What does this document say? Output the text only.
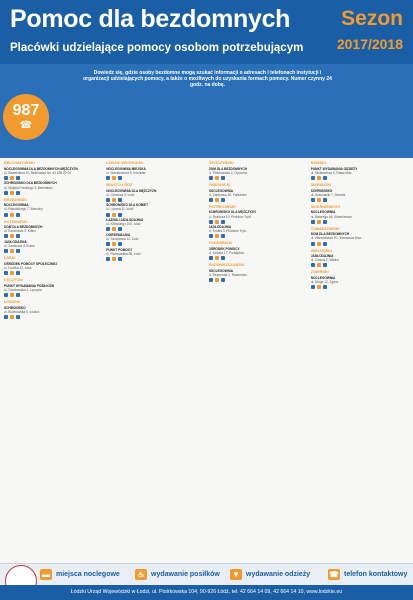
Pomoc dla bezdomnych
Placówki udzielające pomocy osobom potrzebującym
Sezon
2017/2018
987
☎
Dowiedz się, gdzie osoby bezdomne mogą szukać informacji o adresach i telefonach instytucji i organizacji udzielających pomocy, a także o możliwych do uzyskania formach pomocy. Numer czynny 24 godz. na dobę.
BEŁCHATOWSKI
NOCLEGOWNIA DLA BEZDOMNYCH MĘŻCZYZN
ul. Bawełniana 10, Bełchatów, tel. 44 635 00 00
SCHRONISKO DLA BEZDOMNYCH
ul. Wojska Polskiego 3, Bełchatów
BRZEZIŃSKI
NOCLEGOWNIA
ul. Piłsudskiego 7, Brzeziny
KUTNOWSKI
DOM DLA BEZDOMNYCH
ul. Kościuszki 2, Kutno
JADŁODAJNIA
ul. Zamkowa 4, Kutno
ŁASKI
OŚRODEK POMOCY SPOŁECZNEJ
ul. Łódzka 12, Łask
ŁĘCZYCKI
PUNKT WYDAWANIA POSIŁKÓW
ul. Ozorkowska 1, Łęczyca
ŁOWICKI
SCHRONISKO
ul. Bolimowska 5, Łowicz
ŁÓDZKI WSCHODNI
NOCLEGOWNIA MIEJSKA
ul. Sienkiewicza 9, Koluszki
MIASTO ŁÓDŹ
NOCLEGOWNIA DLA MĘŻCZYZN
ul. Górnicza 3, Łódź
SCHRONISKO DLA KOBIET
ul. Lipowa 11, Łódź
ŁAŹNIA I JADŁODAJNIA
ul. Kilińskiego 100, Łódź
OGRZEWALNIA
ul. Szczytowa 11, Łódź
PUNKT POMOCY
ul. Piotrkowska 80, Łódź
OPOCZYŃSKI
DOM DLA BEZDOMNYCH
ul. Piotrkowska 2, Opoczno
PABIANICKI
NOCLEGOWNIA
ul. Zamkowa 16, Pabianice
PIOTRKOWSKI
SCHRONISKO DLA MĘŻCZYZN
ul. Rolnicza 10, Piotrków Tryb.
JADŁODAJNIA
ul. Krótka 3, Piotrków Tryb.
PODDĘBICKI
OŚRODEK POMOCY
ul. Łódzka 17, Poddębice
RADOMSZCZAŃSKI
NOCLEGOWNIA
ul. Reymonta 1, Radomsko
RAWSKI
PUNKT WYDAWANIA ODZIEŻY
ul. Mickiewicza 4, Rawa Maz.
SIERADZKI
SCHRONISKO
ul. Kościuszki 7, Sieradz
SKIERNIEWICKI
NOCLEGOWNIA
ul. Batorego 64, Skierniewice
TOMASZOWSKI
DOM DLA BEZDOMNYCH
ul. Warszawska 20, Tomaszów Maz.
WIELUŃSKI
JADŁODAJNIA
ul. Ciasna 2, Wieluń
ZGIERSKI
NOCLEGOWNIA
ul. Długa 12, Zgierz
▬ miejsca noclegowe	♨ wydawanie posiłków ▼ wydawanie odzieży ☎ telefon kontaktowy
Łódzki Urząd Wojewódzki w Łodzi, ul. Piotrkowska 104, 90-926 Łódź, tel. 42 664 14 09, 42 664 14 10, www.lodzkie.eu
